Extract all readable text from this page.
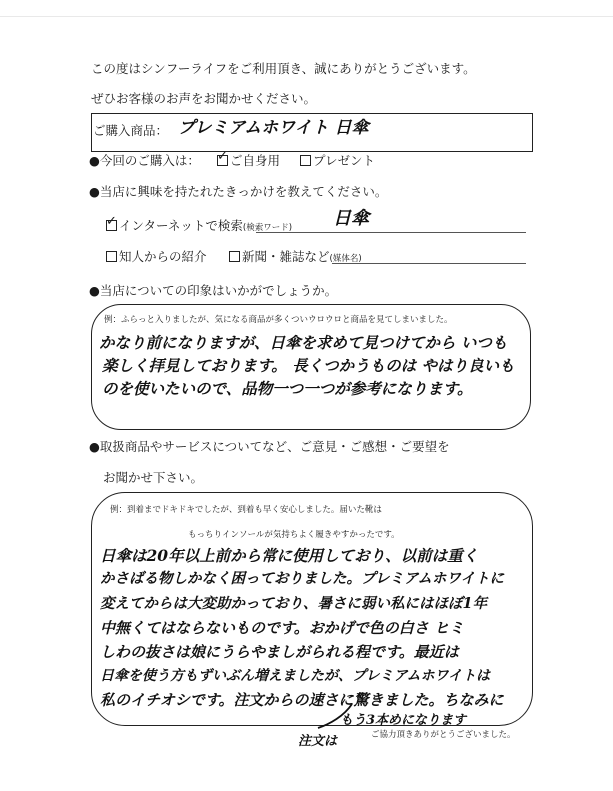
この度はシンフーライフをご利用頂き、誠にありがとうございます。
ぜひお客様のお声をお聞かせください。
ご購入商品： プレミアムホワイト 日傘
●今回のご購入は：
✓	ご自身用	プレゼント
●当店に興味を持たれたきっかけを教えてください。
✓インターネットで検索(検索ワード) 日傘
知人からの紹介	新聞・雑誌など(媒体名)
●当店についての印象はいかがでしょうか。
例：ふらっと入りましたが、気になる商品が多くついウロウロと商品を見てしまいました。
かなり前になりますが、日傘を求めて見つけてから いつも
楽しく拝見しております。 長くつかうものは やはり良いも
のを使いたいので、品物一つ一つが参考になります。
●取扱商品やサービスについてなど、ご意見・ご感想・ご要望を
お聞かせ下さい。
例：到着までドキドキでしたが、到着も早く安心しました。届いた靴は
もっちりインソールが気持ちよく履きやすかったです。
日傘は20年以上前から常に使用しており、以前は重く
かさばる物しかなく困っておりました。プレミアムホワイトに
変えてからは大変助かっており、暑さに弱い私にはほぼ1年
中無くてはならないものです。おかげで色の白さ ヒミ
しわの抜さは娘にうらやましがられる程です。最近は
日傘を使う方もずいぶん増えましたが、プレミアムホワイトは
私のイチオシです。注文からの速さに驚きました。ちなみに
もう3本めになります
注文は	ご協力頂きありがとうございました。
